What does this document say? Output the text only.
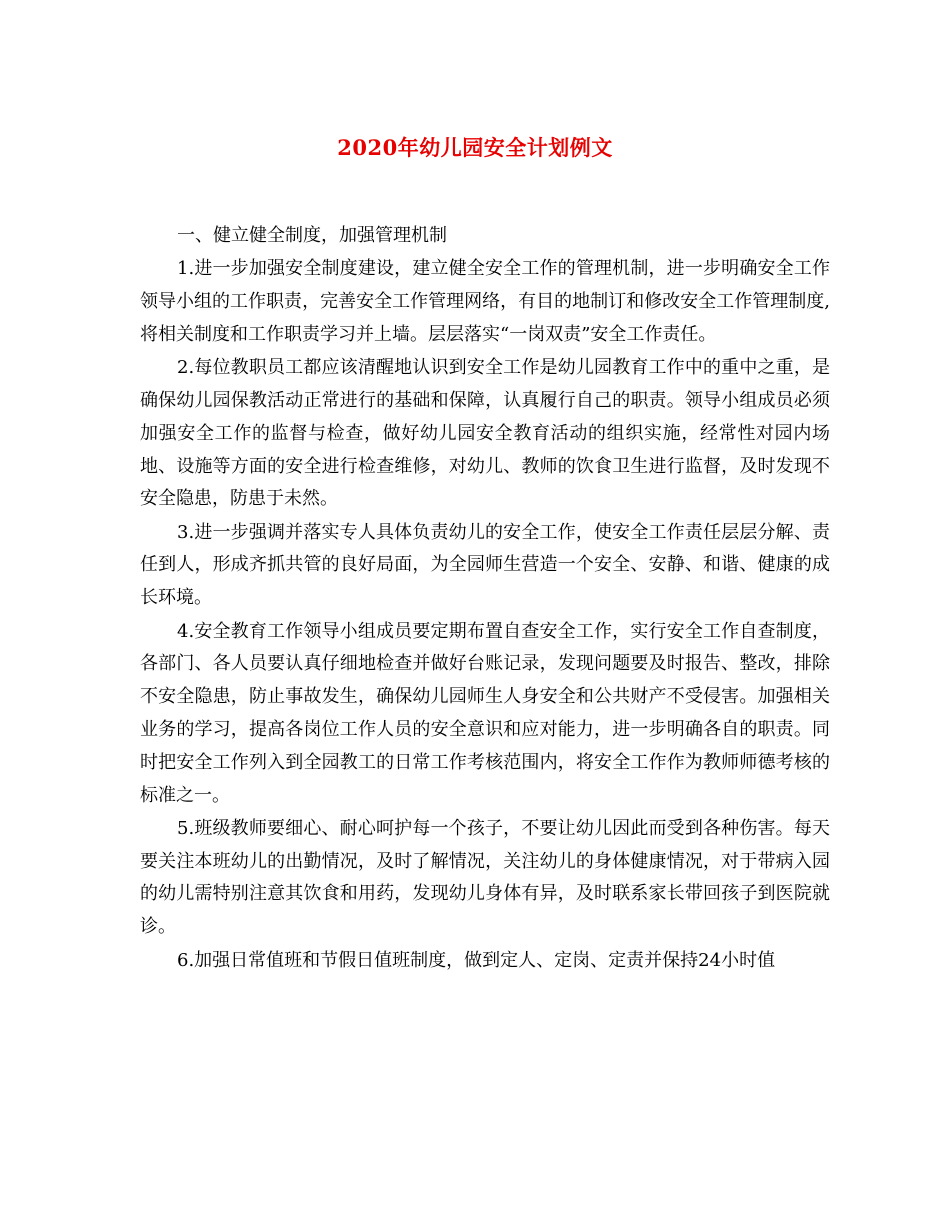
2020年幼儿园安全计划例文

一、健立健全制度，加强管理机制

1.进一步加强安全制度建设，建立健全安全工作的管理机制，进一步明确安全工作领导小组的工作职责，完善安全工作管理网络，有目的地制订和修改安全工作管理制度,将相关制度和工作职责学习并上墙。层层落实“一岗双责”安全工作责任。

2.每位教职员工都应该清醒地认识到安全工作是幼儿园教育工作中的重中之重，是确保幼儿园保教活动正常进行的基础和保障，认真履行自己的职责。领导小组成员必须加强安全工作的监督与检查，做好幼儿园安全教育活动的组织实施，经常性对园内场地、设施等方面的安全进行检查维修，对幼儿、教师的饮食卫生进行监督，及时发现不安全隐患，防患于未然。

3.进一步强调并落实专人具体负责幼儿的安全工作，使安全工作责任层层分解、责任到人，形成齐抓共管的良好局面，为全园师生营造一个安全、安静、和谐、健康的成长环境。

4.安全教育工作领导小组成员要定期布置自查安全工作，实行安全工作自查制度，各部门、各人员要认真仔细地检查并做好台账记录，发现问题要及时报告、整改，排除不安全隐患，防止事故发生，确保幼儿园师生人身安全和公共财产不受侵害。加强相关业务的学习，提高各岗位工作人员的安全意识和应对能力，进一步明确各自的职责。同时把安全工作列入到全园教工的日常工作考核范围内，将安全工作作为教师师德考核的标准之一。

5.班级教师要细心、耐心呵护每一个孩子，不要让幼儿因此而受到各种伤害。每天要关注本班幼儿的出勤情况，及时了解情况，关注幼儿的身体健康情况，对于带病入园的幼儿需特别注意其饮食和用药，发现幼儿身体有异，及时联系家长带回孩子到医院就诊。

6.加强日常值班和节假日值班制度，做到定人、定岗、定责并保持24小时值
